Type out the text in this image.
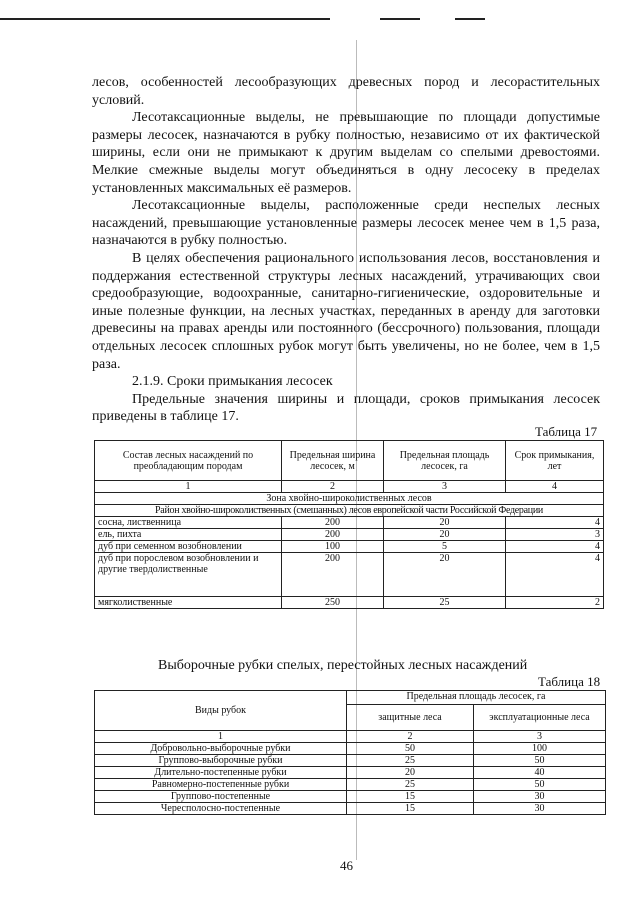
лесов, особенностей лесообразующих древесных пород и лесорастительных условий.

Лесотаксационные выделы, не превышающие по площади допустимые размеры лесосек, назначаются в рубку полностью, независимо от их фактической ширины, если они не примыкают к другим выделам со спелыми древостоями. Мелкие смежные выделы могут объединяться в одну лесосеку в пределах установленных максимальных её размеров.

Лесотаксационные выделы, расположенные среди неспелых лесных насаждений, превышающие установленные размеры лесосек менее чем в 1,5 раза, назначаются в рубку полностью.

В целях обеспечения рационального использования лесов, восстановления и поддержания естественной структуры лесных насаждений, утрачивающих свои средообразующие, водоохранные, санитарно-гигиенические, оздоровительные и иные полезные функции, на лесных участках, переданных в аренду для заготовки древесины на правах аренды или постоянного (бессрочного) пользования, площади отдельных лесосек сплошных рубок могут быть увеличены, но не более, чем в 1,5 раза.

2.1.9. Сроки примыкания лесосек

Предельные значения ширины и площади, сроков примыкания лесосек приведены в таблице 17.

Таблица 17
Состав лесных насаждений по преобладающим породам	Предельная ширина лесосек, м	Предельная площадь лесосек, га	Срок примыкания, лет
1	2	3	4
Зона хвойно-широколиственных лесов			
Район хвойно-широколиственных (смешанных) лесов европейской части Российской Федерации			
сосна, лиственница	200	20	4
ель, пихта	200	20	3
дуб при семенном возобновлении	100	5	4
дуб при порослевом возобновлении и другие твердолиственные	200	20	4
мягколиственные	250	25	2
Выборочные рубки спелых, перестойных лесных насаждений
Таблица 18
Виды рубок	Предельная площадь лесосек, га	
	защитные леса	эксплуатационные леса
1	2	3
Добровольно-выборочные рубки	50	100
Группово-выборочные рубки	25	50
Длительно-постепенные рубки	20	40
Равномерно-постепенные рубки	25	50
Группово-постепенные	15	30
Чересполосно-постепенные	15	30
46
